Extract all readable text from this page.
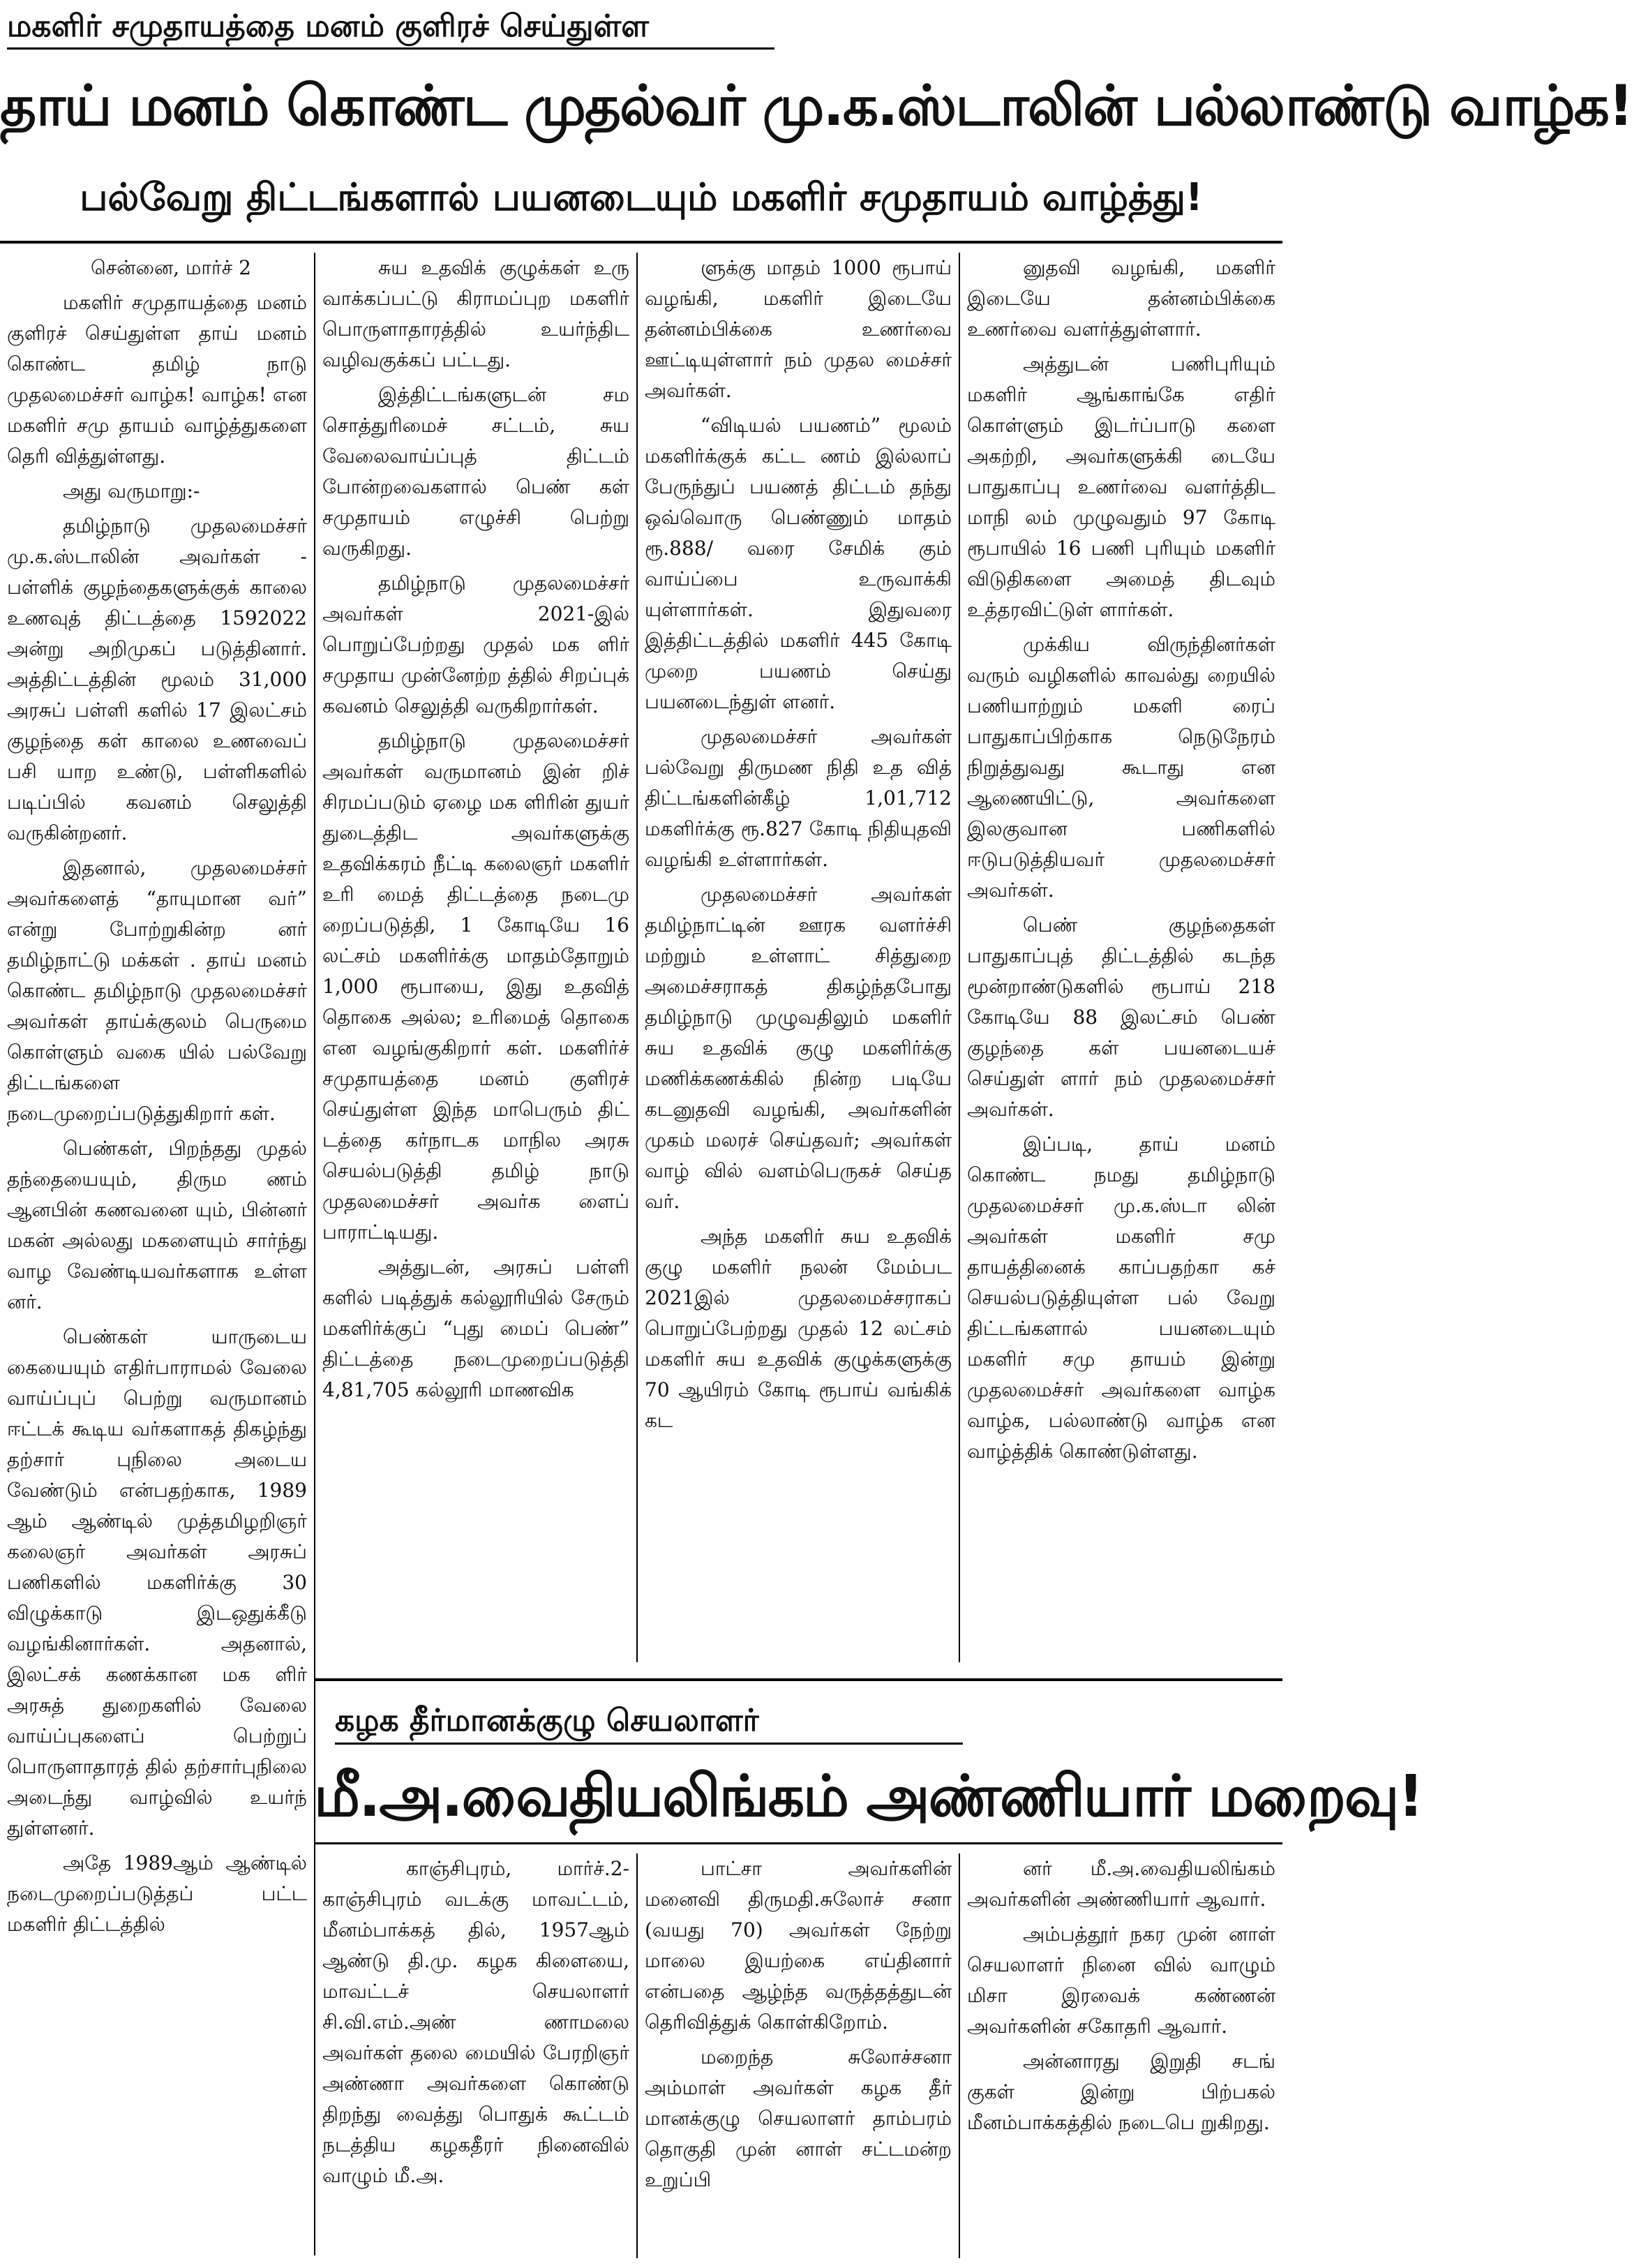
மகளிர் சமுதாயத்தை மனம் குளிரச் செய்துள்ள
தாய் மனம் கொண்ட முதல்வர் மு.க.ஸ்டாலின் பல்லாண்டு வாழ்க!
பல்வேறு திட்டங்களால் பயனடையும் மகளிர் சமுதாயம் வாழ்த்து!

சென்னை, மார்ச் 2

மகளிர் சமுதாயத்தை மனம் குளிரச் செய்துள்ள தாய் மனம் கொண்ட தமிழ் நாடு முதலமைச்சர் வாழ்க! வாழ்க! என மகளிர் சமு தாயம் வாழ்த்துகளை தெரி வித்துள்ளது.

அது வருமாறு:-

தமிழ்நாடு முதலமைச்சர் மு.க.ஸ்டாலின் அவர்கள் - பள்ளிக் குழந்தைகளுக்குக் காலை உணவுத் திட்டத்தை 1592022 அன்று அறிமுகப் படுத்தினார். அத்திட்டத்தின் மூலம் 31,000 அரசுப் பள்ளி களில் 17 இலட்சம் குழந்தை கள் காலை உணவைப் பசி யாற உண்டு, பள்ளிகளில் படிப்பில் கவனம் செலுத்தி வருகின்றனர்.

இதனால், முதலமைச்சர் அவர்களைத் “தாயுமான வர்” என்று போற்றுகின்ற னர் தமிழ்நாட்டு மக்கள் . தாய் மனம் கொண்ட தமிழ்நாடு முதலமைச்சர் அவர்கள் தாய்க்குலம் பெருமை கொள்ளும் வகை யில் பல்வேறு திட்டங்களை நடைமுறைப்படுத்துகிறார் கள்.

பெண்கள், பிறந்தது முதல் தந்தையையும், திரும ணம் ஆனபின் கணவனை யும், பின்னர் மகன் அல்லது மகளையும் சார்ந்து வாழ வேண்டியவர்களாக உள்ள னர்.

பெண்கள் யாருடைய கையையும் எதிர்பாராமல் வேலை வாய்ப்புப் பெற்று வருமானம் ஈட்டக் கூடிய வர்களாகத் திகழ்ந்து தற்சார் புநிலை அடைய வேண்டும் என்பதற்காக, 1989 ஆம் ஆண்டில் முத்தமிழறிஞர் கலைஞர் அவர்கள் அரசுப் பணிகளில் மகளிர்க்கு 30 விழுக்காடு இடஒதுக்கீடு வழங்கினார்கள். அதனால், இலட்சக் கணக்கான மக ளிர் அரசுத் துறைகளில் வேலை வாய்ப்புகளைப் பெற்றுப் பொருளாதாரத் தில் தற்சார்புநிலை அடைந்து வாழ்வில் உயர்ந் துள்ளனர்.

அதே 1989ஆம் ஆண்டில் நடைமுறைப்படுத்தப் பட்ட மகளிர் திட்டத்தில்

சுய உதவிக் குழுக்கள் உரு வாக்கப்பட்டு கிராமப்புற மகளிர் பொருளாதாரத்தில் உயர்ந்திட வழிவகுக்கப் பட்டது.

இத்திட்டங்களுடன் சம சொத்துரிமைச் சட்டம், சுய வேலைவாய்ப்புத் திட்டம் போன்றவைகளால் பெண் கள் சமுதாயம் எழுச்சி பெற்று வருகிறது.

தமிழ்நாடு முதலமைச்சர் அவர்கள் 2021-இல் பொறுப்பேற்றது முதல் மக ளிர் சமுதாய முன்னேற்ற த்தில் சிறப்புக் கவனம் செலுத்தி வருகிறார்கள்.

தமிழ்நாடு முதலமைச்சர் அவர்கள் வருமானம் இன் றிச் சிரமப்படும் ஏழை மக ளிரின் துயர் துடைத்திட அவர்களுக்கு உதவிக்கரம் நீட்டி கலைஞர் மகளிர் உரி மைத் திட்டத்தை நடைமு றைப்படுத்தி, 1 கோடியே 16 லட்சம் மகளிர்க்கு மாதம்தோறும் 1,000 ரூபாயை, இது உதவித் தொகை அல்ல; உரிமைத் தொகை என வழங்குகிறார் கள். மகளிர்ச் சமுதாயத்தை மனம் குளிரச் செய்துள்ள இந்த மாபெரும் திட் டத்தை கர்நாடக மாநில அரசு செயல்படுத்தி தமிழ் நாடு முதலமைச்சர் அவர்க ளைப் பாராட்டியது.

அத்துடன், அரசுப் பள்ளி களில் படித்துக் கல்லூரியில் சேரும் மகளிர்க்குப் “புது மைப் பெண்” திட்டத்தை நடைமுறைப்படுத்தி 4,81,705 கல்லூரி மாணவிக

ளுக்கு மாதம் 1000 ரூபாய் வழங்கி, மகளிர் இடையே தன்னம்பிக்கை உணர்வை ஊட்டியுள்ளார் நம் முதல மைச்சர் அவர்கள்.

“விடியல் பயணம்” மூலம் மகளிர்க்குக் கட்ட ணம் இல்லாப் பேருந்துப் பயணத் திட்டம் தந்து ஒவ்வொரு பெண்ணும் மாதம் ரூ.888/ வரை சேமிக் கும் வாய்ப்பை உருவாக்கி யுள்ளார்கள். இதுவரை இத்திட்டத்தில் மகளிர் 445 கோடி முறை பயணம் செய்து பயனடைந்துள் ளனர்.

முதலமைச்சர் அவர்கள் பல்வேறு திருமண நிதி உத வித் திட்டங்களின்கீழ் 1,01,712 மகளிர்க்கு ரூ.827 கோடி நிதியுதவி வழங்கி உள்ளார்கள்.

முதலமைச்சர் அவர்கள் தமிழ்நாட்டின் ஊரக வளர்ச்சி மற்றும் உள்ளாட் சித்துறை அமைச்சராகத் திகழ்ந்தபோது தமிழ்நாடு முழுவதிலும் மகளிர் சுய உதவிக் குழு மகளிர்க்கு மணிக்கணக்கில் நின்ற படியே கடனுதவி வழங்கி, அவர்களின் முகம் மலரச் செய்தவர்; அவர்கள் வாழ் வில் வளம்பெருகச் செய்த வர்.

அந்த மகளிர் சுய உதவிக் குழு மகளிர் நலன் மேம்பட 2021இல் முதலமைச்சராகப் பொறுப்பேற்றது முதல் 12 லட்சம் மகளிர் சுய உதவிக் குழுக்களுக்கு 70 ஆயிரம் கோடி ரூபாய் வங்கிக் கட

னுதவி வழங்கி, மகளிர் இடையே தன்னம்பிக்கை உணர்வை வளர்த்துள்ளார்.

அத்துடன் பணிபுரியும் மகளிர் ஆங்காங்கே எதிர் கொள்ளும் இடர்ப்பாடு களை அகற்றி, அவர்களுக்கி டையே பாதுகாப்பு உணர்வை வளர்த்திட மாநி லம் முழுவதும் 97 கோடி ரூபாயில் 16 பணி புரியும் மகளிர் விடுதிகளை அமைத் திடவும் உத்தரவிட்டுள் ளார்கள்.

முக்கிய விருந்தினர்கள் வரும் வழிகளில் காவல்து றையில் பணியாற்றும் மகளி ரைப் பாதுகாப்பிற்காக நெடுநேரம் நிறுத்துவது கூடாது என ஆணையிட்டு, அவர்களை இலகுவான பணிகளில் ஈடுபடுத்தியவர் முதலமைச்சர் அவர்கள்.

பெண் குழந்தைகள் பாதுகாப்புத் திட்டத்தில் கடந்த மூன்றாண்டுகளில் ரூபாய் 218 கோடியே 88 இலட்சம் பெண் குழந்தை கள் பயனடையச் செய்துள் ளார் நம் முதலமைச்சர் அவர்கள்.

இப்படி, தாய் மனம் கொண்ட நமது தமிழ்நாடு முதலமைச்சர் மு.க.ஸ்டா லின் அவர்கள் மகளிர் சமு தாயத்தினைக் காப்பதற்கா கச் செயல்படுத்தியுள்ள பல் வேறு திட்டங்களால் பயனடையும் மகளிர் சமு தாயம் இன்று முதலமைச்சர் அவர்களை வாழ்க வாழ்க, பல்லாண்டு வாழ்க என வாழ்த்திக் கொண்டுள்ளது.

கழக தீர்மானக்குழு செயலாளர்
மீ.அ.வைதியலிங்கம் அண்ணியார் மறைவு!

காஞ்சிபுரம், மார்ச்.2- காஞ்சிபுரம் வடக்கு மாவட்டம், மீனம்பாக்கத் தில், 1957ஆம் ஆண்டு தி.மு. கழக கிளையை, மாவட்டச் செயலாளர் சி.வி.எம்.அண் ணாமலை அவர்கள் தலை மையில் பேரறிஞர் அண்ணா அவர்களை கொண்டு திறந்து வைத்து பொதுக் கூட்டம் நடத்திய கழகதீரர் நினைவில் வாழும் மீ.அ.

பாட்சா அவர்களின் மனைவி திருமதி.சுலோச் சனா (வயது 70) அவர்கள் நேற்று மாலை இயற்கை எய்தினார் என்பதை ஆழ்ந்த வருத்தத்துடன் தெரிவித்துக் கொள்கிறோம்.

மறைந்த சுலோச்சனா அம்மாள் அவர்கள் கழக தீர் மானக்குழு செயலாளர் தாம்பரம் தொகுதி முன் னாள் சட்டமன்ற உறுப்பி

னர் மீ.அ.வைதியலிங்கம் அவர்களின் அண்ணியார் ஆவார்.

அம்பத்தூர் நகர முன் னாள் செயலாளர் நினை வில் வாழும் மிசா இரவைக் கண்ணன் அவர்களின் சகோதரி ஆவார்.

அன்னாரது இறுதி சடங் குகள் இன்று பிற்பகல் மீனம்பாக்கத்தில் நடைபெ றுகிறது.
